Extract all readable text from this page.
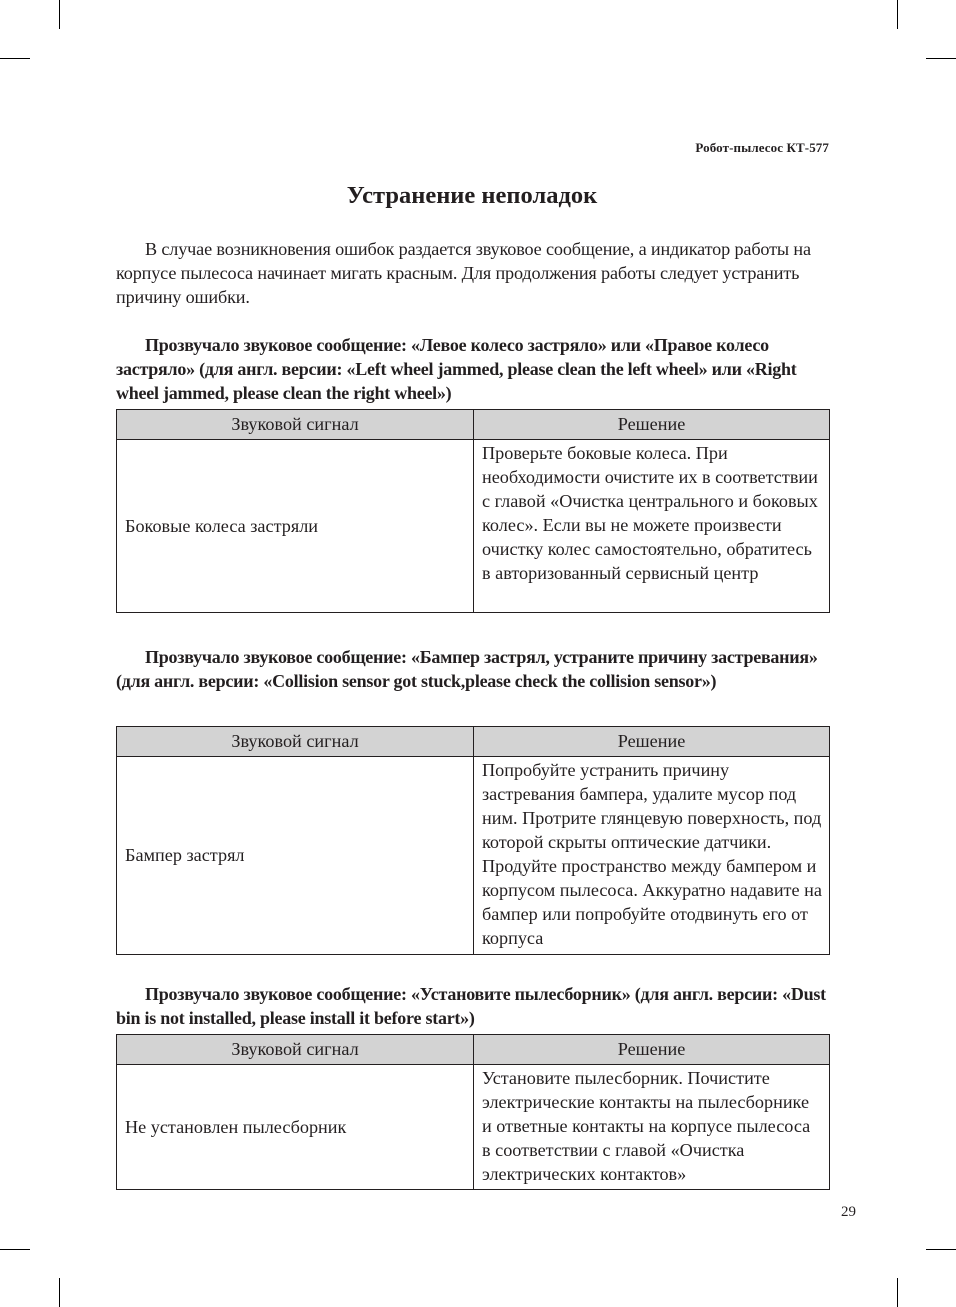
Робот-пылесос КТ-577
Устранение неполадок

В случае возникновения ошибок раздается звуковое сообщение, а индикатор работы на корпусе пылесоса начинает мигать красным. Для продолжения работы следует устранить причину ошибки.

Прозвучало звуковое сообщение: «Левое колесо застряло» или «Правое колесо застряло» (для англ. версии: «Left wheel jammed, please clean the left wheel» или «Right wheel jammed, please clean the right wheel»)

Звуковой сигнал	Решение
Боковые колеса застряли	Проверьте боковые колеса. При необходимости очистите их в соответствии с главой «Очистка центрального и боковых колес». Если вы не можете произвести очистку колес самостоятельно, обратитесь в авторизованный сервисный центр

Прозвучало звуковое сообщение: «Бампер застрял, устраните причину застревания» (для англ. версии: «Collision sensor got stuck,please check the collision sensor»)

Звуковой сигнал	Решение
Бампер застрял	Попробуйте устранить причину застревания бампера, удалите мусор под ним. Протрите глянцевую поверхность, под которой скрыты оптические датчики. Продуйте пространство между бампером и корпусом пылесоса. Аккуратно надавите на бампер или попробуйте отодвинуть его от корпуса

Прозвучало звуковое сообщение: «Установите пылесборник» (для англ. версии: «Dust bin is not installed, please install it before start»)

Звуковой сигнал	Решение
Не установлен пылесборник	Установите пылесборник. Почистите электрические контакты на пылесборнике и ответные контакты на корпусе пылесоса в соответствии с главой «Очистка электрических контактов»
29
